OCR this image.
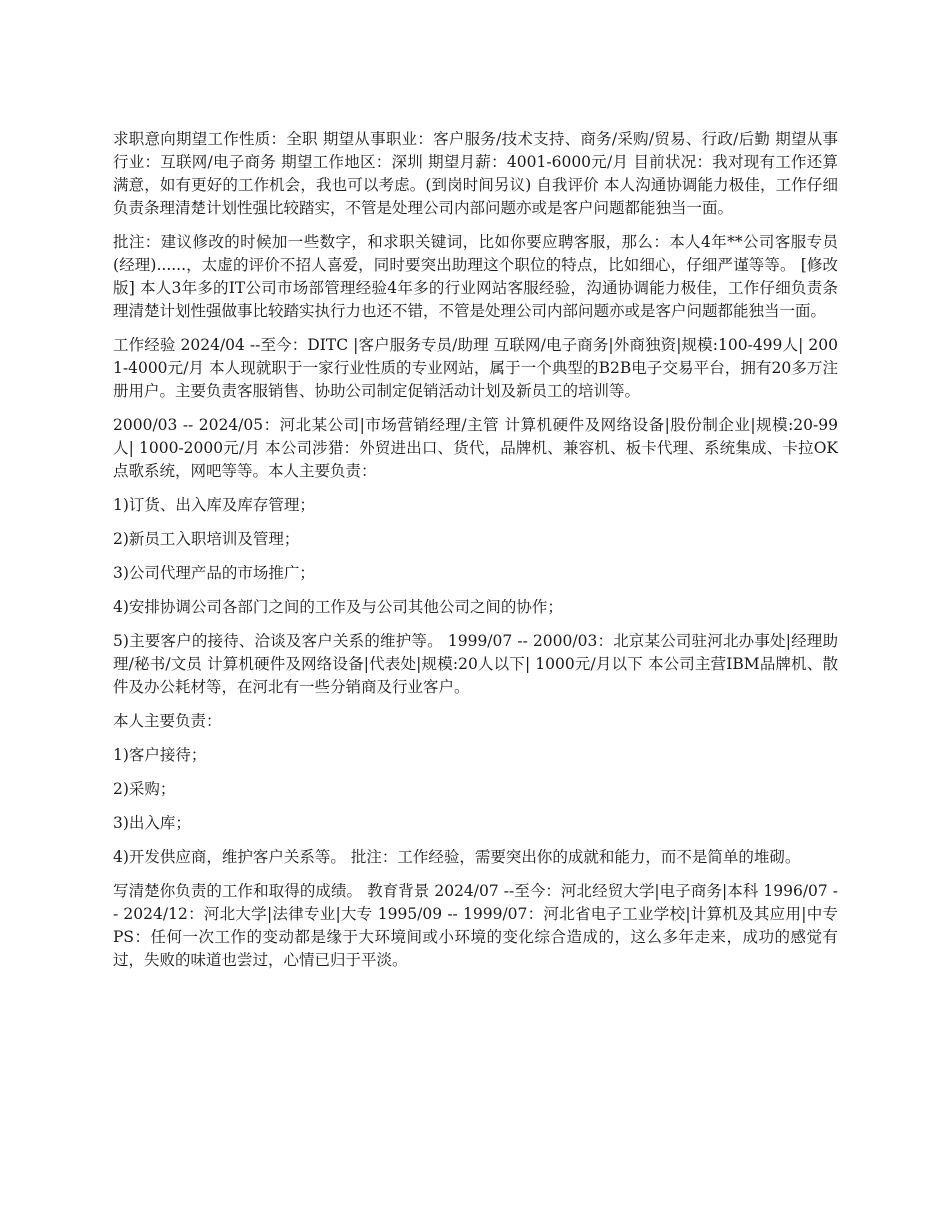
求职意向期望工作性质：全职 期望从事职业：客户服务/技术支持、商务/采购/贸易、行政/后勤 期望从事行业：互联网/电子商务 期望工作地区：深圳 期望月薪：4001-6000元/月 目前状况：我对现有工作还算满意，如有更好的工作机会，我也可以考虑。(到岗时间另议) 自我评价 本人沟通协调能力极佳，工作仔细负责条理清楚计划性强比较踏实，不管是处理公司内部问题亦或是客户问题都能独当一面。

批注：建议修改的时候加一些数字，和求职关键词，比如你要应聘客服，那么：本人4年**公司客服专员(经理)......，太虚的评价不招人喜爱，同时要突出助理这个职位的特点，比如细心，仔细严谨等等。 [修改版] 本人3年多的IT公司市场部管理经验4年多的行业网站客服经验，沟通协调能力极佳，工作仔细负责条理清楚计划性强做事比较踏实执行力也还不错，不管是处理公司内部问题亦或是客户问题都能独当一面。

工作经验 2024/04 --至今：DITC |客户服务专员/助理 互联网/电子商务|外商独资|规模:100-499人| 2001-4000元/月 本人现就职于一家行业性质的专业网站，属于一个典型的B2B电子交易平台，拥有20多万注册用户。主要负责客服销售、协助公司制定促销活动计划及新员工的培训等。

2000/03 -- 2024/05：河北某公司|市场营销经理/主管 计算机硬件及网络设备|股份制企业|规模:20-99人| 1000-2000元/月 本公司涉猎：外贸进出口、货代，品牌机、兼容机、板卡代理、系统集成、卡拉OK点歌系统，网吧等等。本人主要负责：

1)订货、出入库及库存管理；

2)新员工入职培训及管理；

3)公司代理产品的市场推广；

4)安排协调公司各部门之间的工作及与公司其他公司之间的协作；

5)主要客户的接待、洽谈及客户关系的维护等。 1999/07 -- 2000/03：北京某公司驻河北办事处|经理助理/秘书/文员 计算机硬件及网络设备|代表处|规模:20人以下| 1000元/月以下 本公司主营IBM品牌机、散件及办公耗材等，在河北有一些分销商及行业客户。

本人主要负责：

1)客户接待；

2)采购；

3)出入库；

4)开发供应商，维护客户关系等。 批注：工作经验，需要突出你的成就和能力，而不是简单的堆砌。

写清楚你负责的工作和取得的成绩。 教育背景 2024/07 --至今：河北经贸大学|电子商务|本科 1996/07 -- 2024/12：河北大学|法律专业|大专 1995/09 -- 1999/07：河北省电子工业学校|计算机及其应用|中专 PS：任何一次工作的变动都是缘于大环境间或小环境的变化综合造成的，这么多年走来，成功的感觉有过，失败的味道也尝过，心情已归于平淡。
